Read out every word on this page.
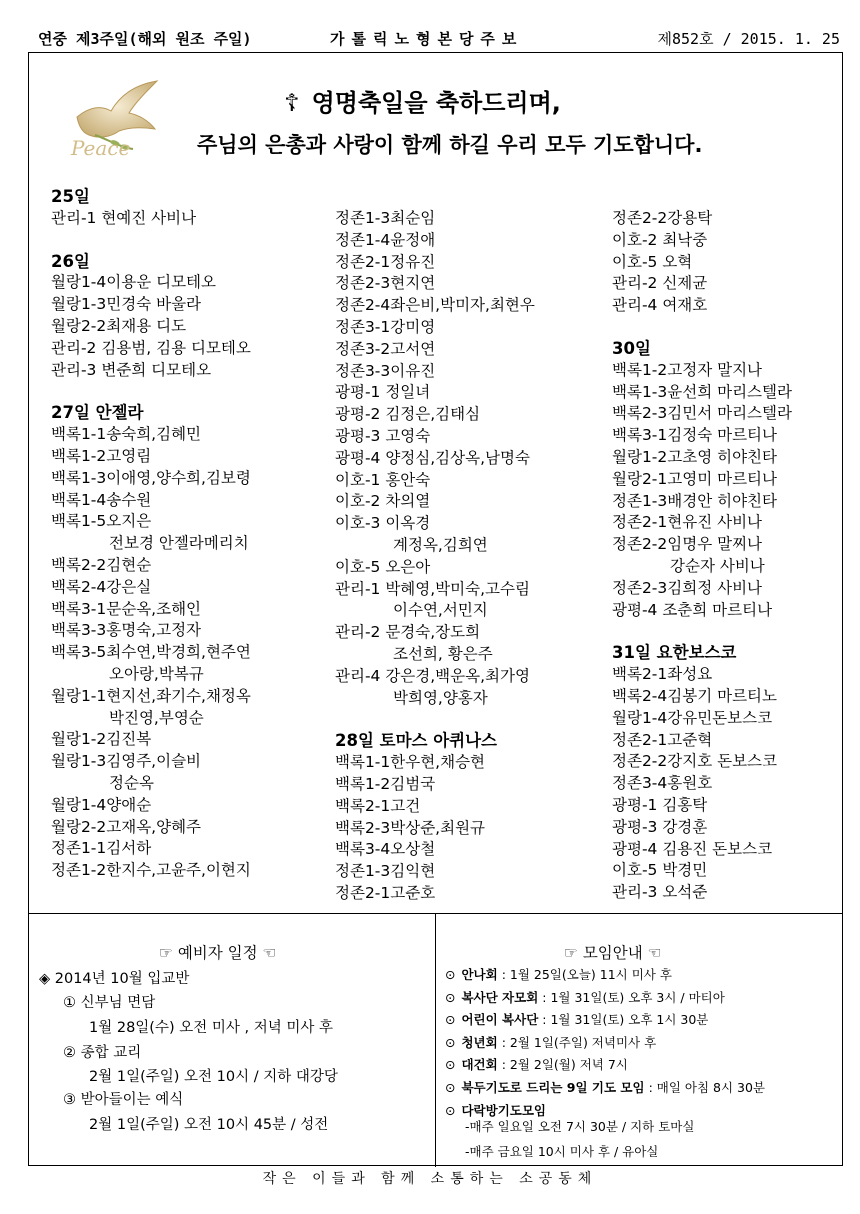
연중 제3주일(해외 원조 주일)	가톨릭노형본당주보	제852호 / 2015. 1. 25
Peace
☦ 영명축일을 축하드리며,
주님의 은총과 사랑이 함께 하길 우리 모두 기도합니다.
25일
관리-1 현예진 사비나
26일
월랑1-4이용운 디모테오
월랑1-3민경숙 바울라
월랑2-2최재용 디도
관리-2 김용범, 김용 디모테오
관리-3 변준희 디모테오
27일 안젤라
백록1-1송숙희,김혜민
백록1-2고영림
백록1-3이애영,양수희,김보령
백록1-4송수원
백록1-5오지은
전보경 안젤라메리치
백록2-2김현순
백록2-4강은실
백록3-1문순옥,조해인
백록3-3홍명숙,고정자
백록3-5최수연,박경희,현주연
오아랑,박복규
월랑1-1현지선,좌기수,채정옥
박진영,부영순
월랑1-2김진복
월랑1-3김영주,이슬비
정순옥
월랑1-4양애순
월랑2-2고재옥,양혜주
정존1-1김서하
정존1-2한지수,고윤주,이현지
정존1-3최순임
정존1-4윤정애
정존2-1정유진
정존2-3현지연
정존2-4좌은비,박미자,최현우
정존3-1강미영
정존3-2고서연
정존3-3이유진
광평-1 정일녀
광평-2 김정은,김태심
광평-3 고영숙
광평-4 양정심,김상옥,남명숙
이호-1 홍안숙
이호-2 차의열
이호-3 이옥경
계정옥,김희연
이호-5 오은아
관리-1 박혜영,박미숙,고수림
이수연,서민지
관리-2 문경숙,장도희
조선희, 황은주
관리-4 강은경,백운옥,최가영
박희영,양홍자
28일 토마스 아퀴나스
백록1-1한우현,채승현
백록1-2김범국
백록2-1고건
백록2-3박상준,최원규
백록3-4오상철
정존1-3김익현
정존2-1고준호
정존2-2강용탁
이호-2 최낙중
이호-5 오혁
관리-2 신제균
관리-4 여재호
30일
백록1-2고정자 말지나
백록1-3윤선희 마리스텔라
백록2-3김민서 마리스텔라
백록3-1김정숙 마르티나
월랑1-2고초영 히야친타
월랑2-1고영미 마르티나
정존1-3배경안 히야친타
정존2-1현유진 사비나
정존2-2임명우 말찌나
강순자 사비나
정존2-3김희정 사비나
광평-4 조춘희 마르티나
31일 요한보스코
백록2-1좌성요
백록2-4김봉기 마르티노
월랑1-4강유민돈보스코
정존2-1고준혁
정존2-2강지호 돈보스코
정존3-4홍원호
광평-1 김홍탁
광평-3 강경훈
광평-4 김용진 돈보스코
이호-5 박경민
관리-3 오석준
☞ 예비자 일정 ☜
◈ 2014년 10월 입교반
① 신부님 면담
1월 28일(수) 오전 미사 , 저녁 미사 후
② 종합 교리
2월 1일(주일) 오전 10시 / 지하 대강당
③ 받아들이는 예식
2월 1일(주일) 오전 10시 45분 / 성전
☞ 모임안내 ☜
⊙ 안나회 : 1월 25일(오늘) 11시 미사 후
⊙ 복사단 자모회 : 1월 31일(토) 오후 3시 / 마티아
⊙ 어린이 복사단 : 1월 31일(토) 오후 1시 30분
⊙ 청년회 : 2월 1일(주일) 저녁미사 후
⊙ 대건회 : 2월 2일(월) 저녁 7시
⊙ 북두기도로 드리는 9일 기도 모임 : 매일 아침 8시 30분
⊙ 다락방기도모임
-매주 일요일 오전 7시 30분 / 지하 토마실
-매주 금요일 10시 미사 후 / 유아실
작은 이들과 함께 소통하는 소공동체
